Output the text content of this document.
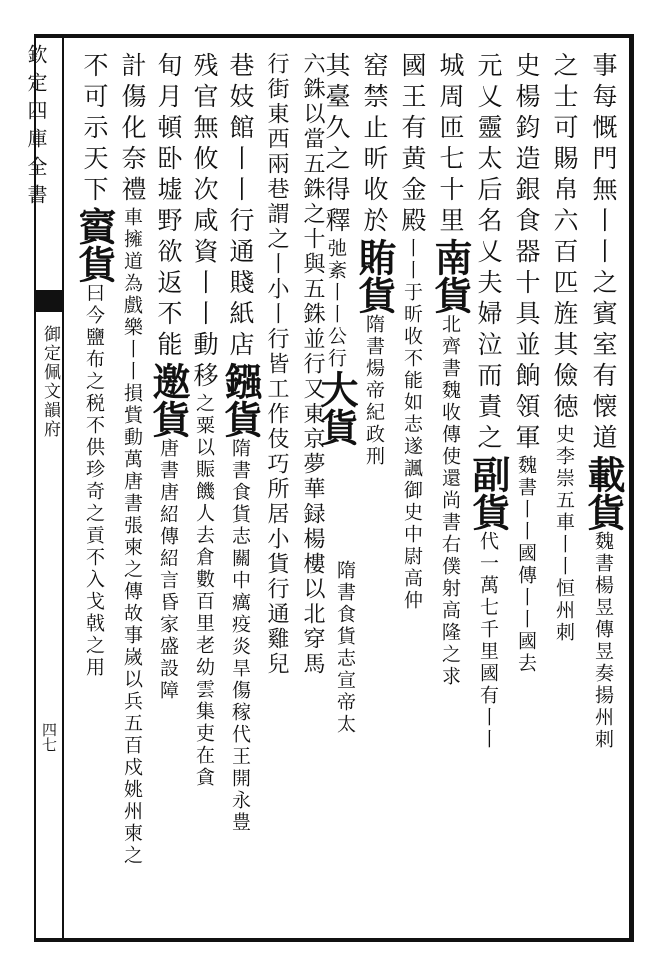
欽定四庫全書
御定佩文韻府
四七
事每慨門無丨丨之賓室有懐道載貨魏書楊昱傳昱奏揚州刺
之士可賜帛六百匹旌其儉徳史李崇五車丨丨恒州刺
史楊鈞造銀食器十具並餉領軍魏書丨丨國傳丨丨國去
元乂靈太后名乂夫婦泣而責之副貨代一萬七千里國有丨丨
城周匝七十里南貨北齊書魏收傳使還尚書右僕射高隆之求
國王有黄金殿丨丨于昕收不能如志遂諷御史中尉高仲
窑禁止昕收於賄貨隋書煬帝紀政刑
其臺久之得釋弛紊丨丨公行大貨
六銖以當五銖之十與五銖並行又東京夢華録楊樓以北穿馬
行街東西兩巷謂之丨小丨行皆工作伎巧所居小貨行通雞兒
巷妓館丨丨行通賤紙店鏹貨隋書食貨志關中癘疫炎旱傷稼代王開永豊
残官無攸次咸資丨丨動移之粟以賑饑人去倉數百里老幼雲集吏在貪
旬月頓卧墟野欲返不能邀貨唐書唐紹傳紹言昏家盛設障
計傷化奈禮車擁道為戲樂丨丨損貲動萬唐書張柬之傳故事嵗以兵五百戍姚州柬之
不可示天下賨貨曰今鹽布之税不供珍奇之貢不入戈戟之用	隋書食貨志宣帝太
